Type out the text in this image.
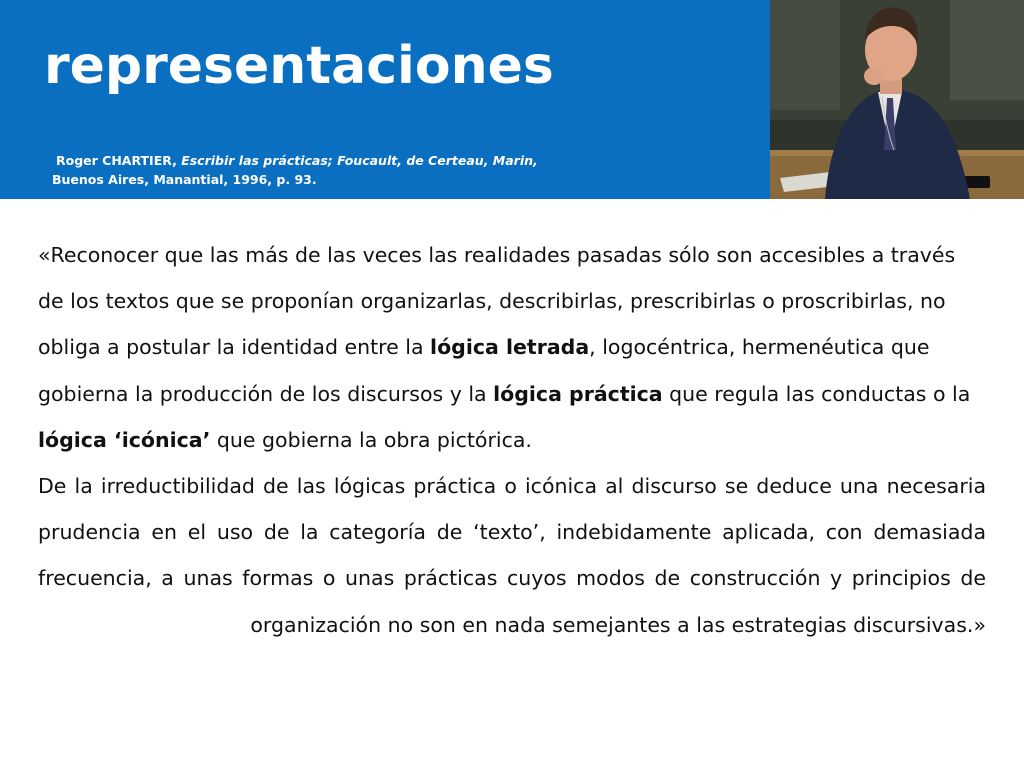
representaciones
Roger CHARTIER, Escribir las prácticas; Foucault, de Certeau, Marin,
Buenos Aires, Manantial, 1996, p. 93.

«Reconocer que las más de las veces las realidades pasadas sólo son accesibles a través de los textos que se proponían organizarlas, describirlas, prescribirlas o proscribirlas, no obliga a postular la identidad entre la lógica letrada, logocéntrica, hermenéutica que gobierna la producción de los discursos y la lógica práctica que regula las conductas o la lógica ‘icónica’ que gobierna la obra pictórica.

De la irreductibilidad de las lógicas práctica o icónica al discurso se deduce una necesaria prudencia en el uso de la categoría de ‘texto’, indebidamente aplicada, con demasiada frecuencia, a unas formas o unas prácticas cuyos modos de construcción y principios de organización no son en nada semejantes a las estrategias discursivas.»
